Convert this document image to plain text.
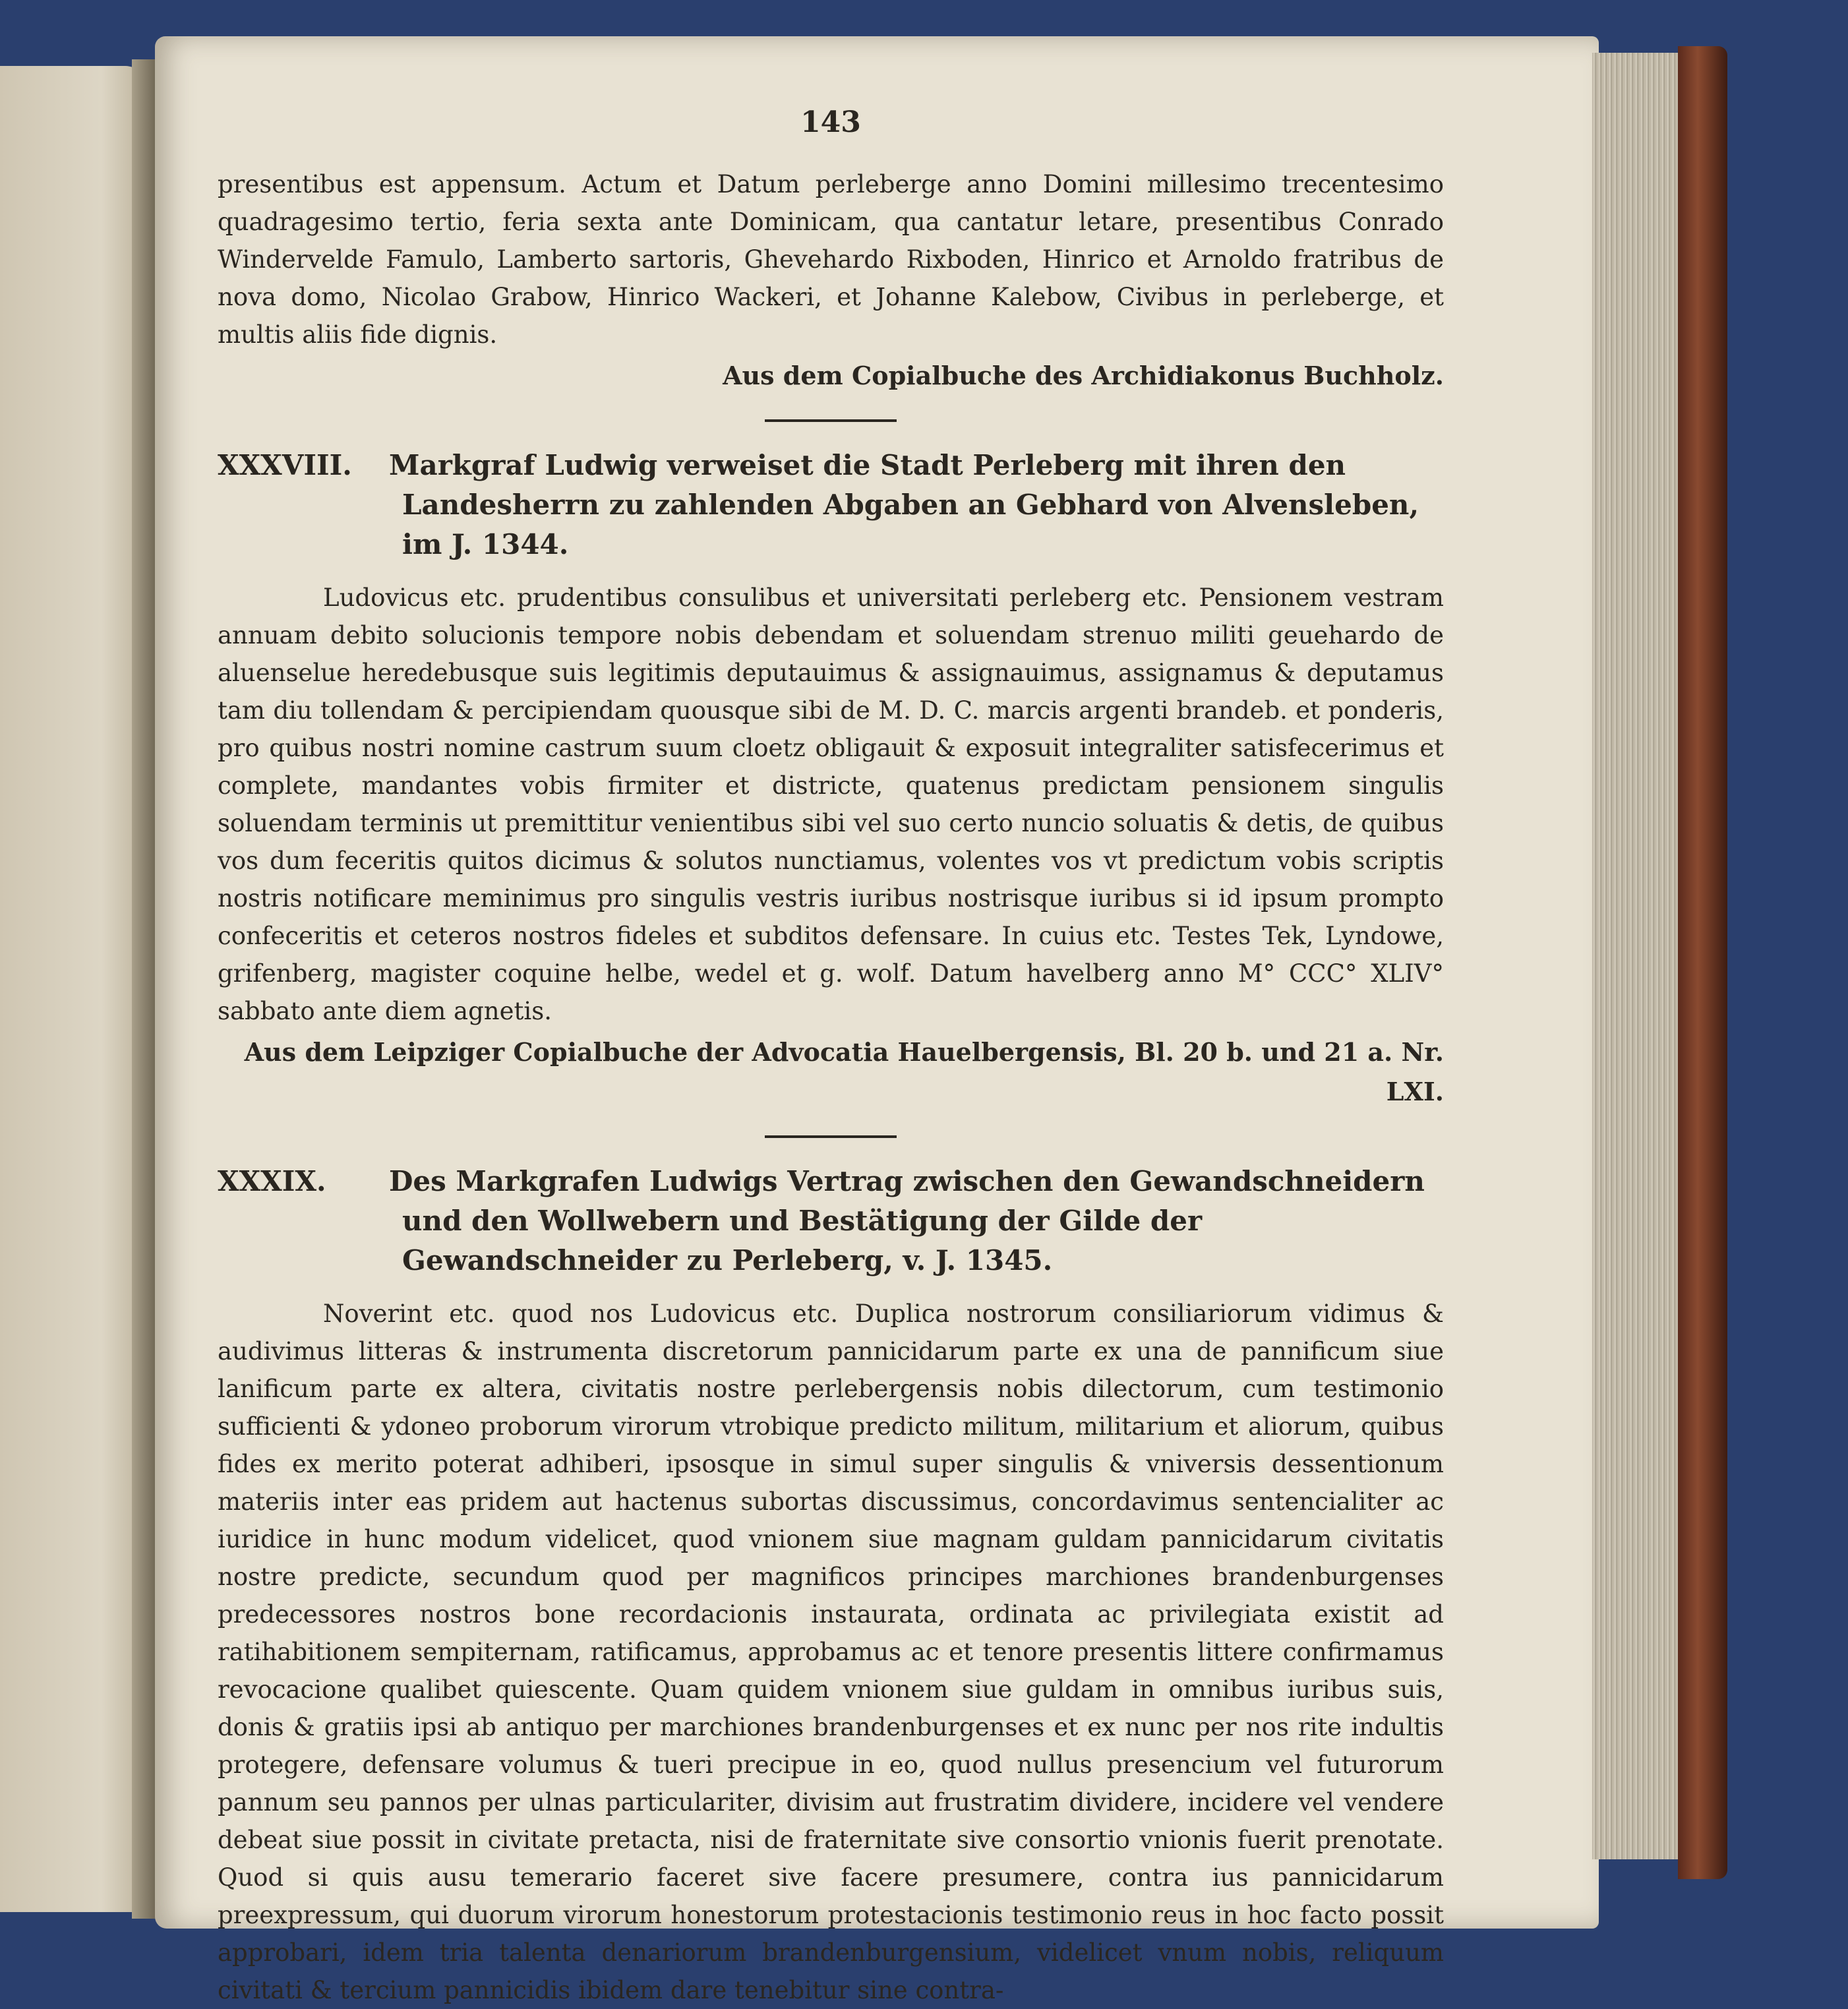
143

presentibus est appensum. Actum et Datum perleberge anno Domini millesimo trecentesimo quadragesimo tertio, feria sexta ante Dominicam, qua cantatur letare, presentibus Conrado Windervelde Famulo, Lamberto sartoris, Ghevehardo Rixboden, Hinrico et Arnoldo fratribus de nova domo, Nicolao Grabow, Hinrico Wackeri, et Johanne Kalebow, Civibus in perleberge, et multis aliis fide dignis.

Aus dem Copialbuche des Archidiakonus Buchholz.
XXXVIII. Markgraf Ludwig verweiset die Stadt Perleberg mit ihren den Landesherrn zu zahlenden Abgaben an Gebhard von Alvensleben, im J. 1344.

Ludovicus etc. prudentibus consulibus et universitati perleberg etc. Pensionem vestram annuam debito solucionis tempore nobis debendam et soluendam strenuo militi geuehardo de aluenselue heredebusque suis legitimis deputauimus & assignauimus, assignamus & deputamus tam diu tollendam & percipiendam quousque sibi de M. D. C. marcis argenti brandeb. et ponderis, pro quibus nostri nomine castrum suum cloetz obligauit & exposuit integraliter satisfecerimus et complete, mandantes vobis firmiter et districte, quatenus predictam pensionem singulis soluendam terminis ut premittitur venientibus sibi vel suo certo nuncio soluatis & detis, de quibus vos dum feceritis quitos dicimus & solutos nunctiamus, volentes vos vt predictum vobis scriptis nostris notificare meminimus pro singulis vestris iuribus nostrisque iuribus si id ipsum prompto confeceritis et ceteros nostros fideles et subditos defensare. In cuius etc. Testes Tek, Lyndowe, grifenberg, magister coquine helbe, wedel et g. wolf. Datum havelberg anno M° CCC° XLIV° sabbato ante diem agnetis.

Aus dem Leipziger Copialbuche der Advocatia Hauelbergensis, Bl. 20 b. und 21 a. Nr. LXI.
XXXIX. Des Markgrafen Ludwigs Vertrag zwischen den Gewandschneidern und den Wollwebern und Bestätigung der Gilde der Gewandschneider zu Perleberg, v. J. 1345.

Noverint etc. quod nos Ludovicus etc. Duplica nostrorum consiliariorum vidimus & audivimus litteras & instrumenta discretorum pannicidarum parte ex una de pannificum siue lanificum parte ex altera, civitatis nostre perlebergensis nobis dilectorum, cum testimonio sufficienti & ydoneo proborum virorum vtrobique predicto militum, militarium et aliorum, quibus fides ex merito poterat adhiberi, ipsosque in simul super singulis & vniversis dessentionum materiis inter eas pridem aut hactenus subortas discussimus, concordavimus sentencialiter ac iuridice in hunc modum videlicet, quod vnionem siue magnam guldam pannicidarum civitatis nostre predicte, secundum quod per magnificos principes marchiones brandenburgenses predecessores nostros bone recordacionis instaurata, ordinata ac privilegiata existit ad ratihabitionem sempiternam, ratificamus, approbamus ac et tenore presentis littere confirmamus revocacione qualibet quiescente. Quam quidem vnionem siue guldam in omnibus iuribus suis, donis & gratiis ipsi ab antiquo per marchiones brandenburgenses et ex nunc per nos rite indultis protegere, defensare volumus & tueri precipue in eo, quod nullus presencium vel futurorum pannum seu pannos per ulnas particulariter, divisim aut frustratim dividere, incidere vel vendere debeat siue possit in civitate pretacta, nisi de fraternitate sive consortio vnionis fuerit prenotate. Quod si quis ausu temerario faceret sive facere presumere, contra ius pannicidarum preexpressum, qui duorum virorum honestorum protestacionis testimonio reus in hoc facto possit approbari, idem tria talenta denariorum brandenburgensium, videlicet vnum nobis, reliquum civitati & tercium pannicidis ibidem dare tenebitur sine contra-
